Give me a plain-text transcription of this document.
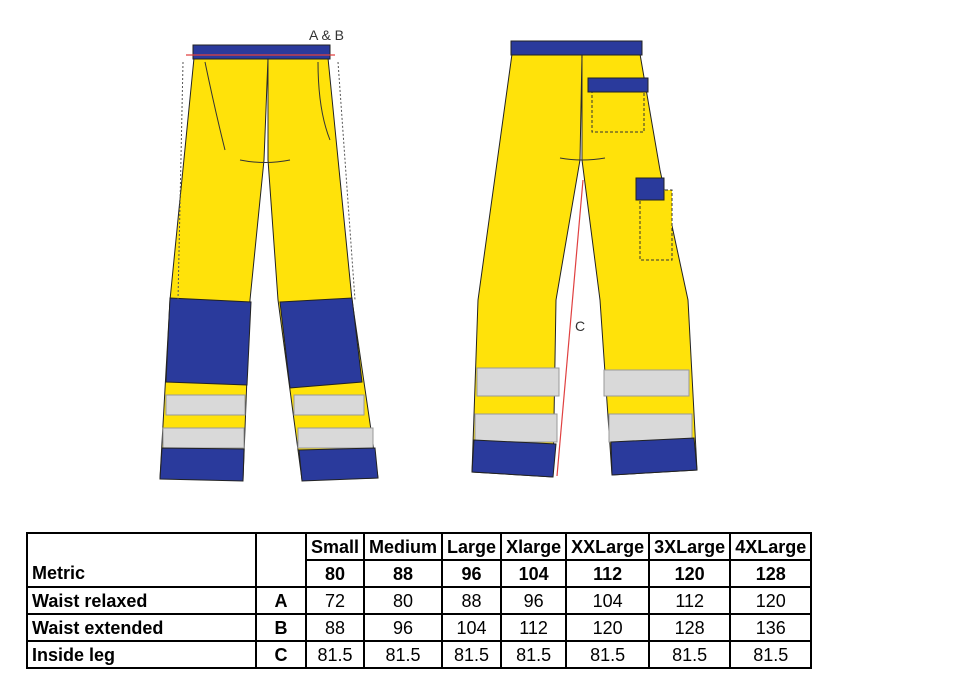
A & B
C
		Small	Medium	Large	Xlarge	XXLarge	3XLarge	4XLarge
Metric		80	88	96	104	112	120	128
Waist relaxed	A	72	80	88	96	104	112	120
Waist extended	B	88	96	104	112	120	128	136
Inside leg	C	81.5	81.5	81.5	81.5	81.5	81.5	81.5
